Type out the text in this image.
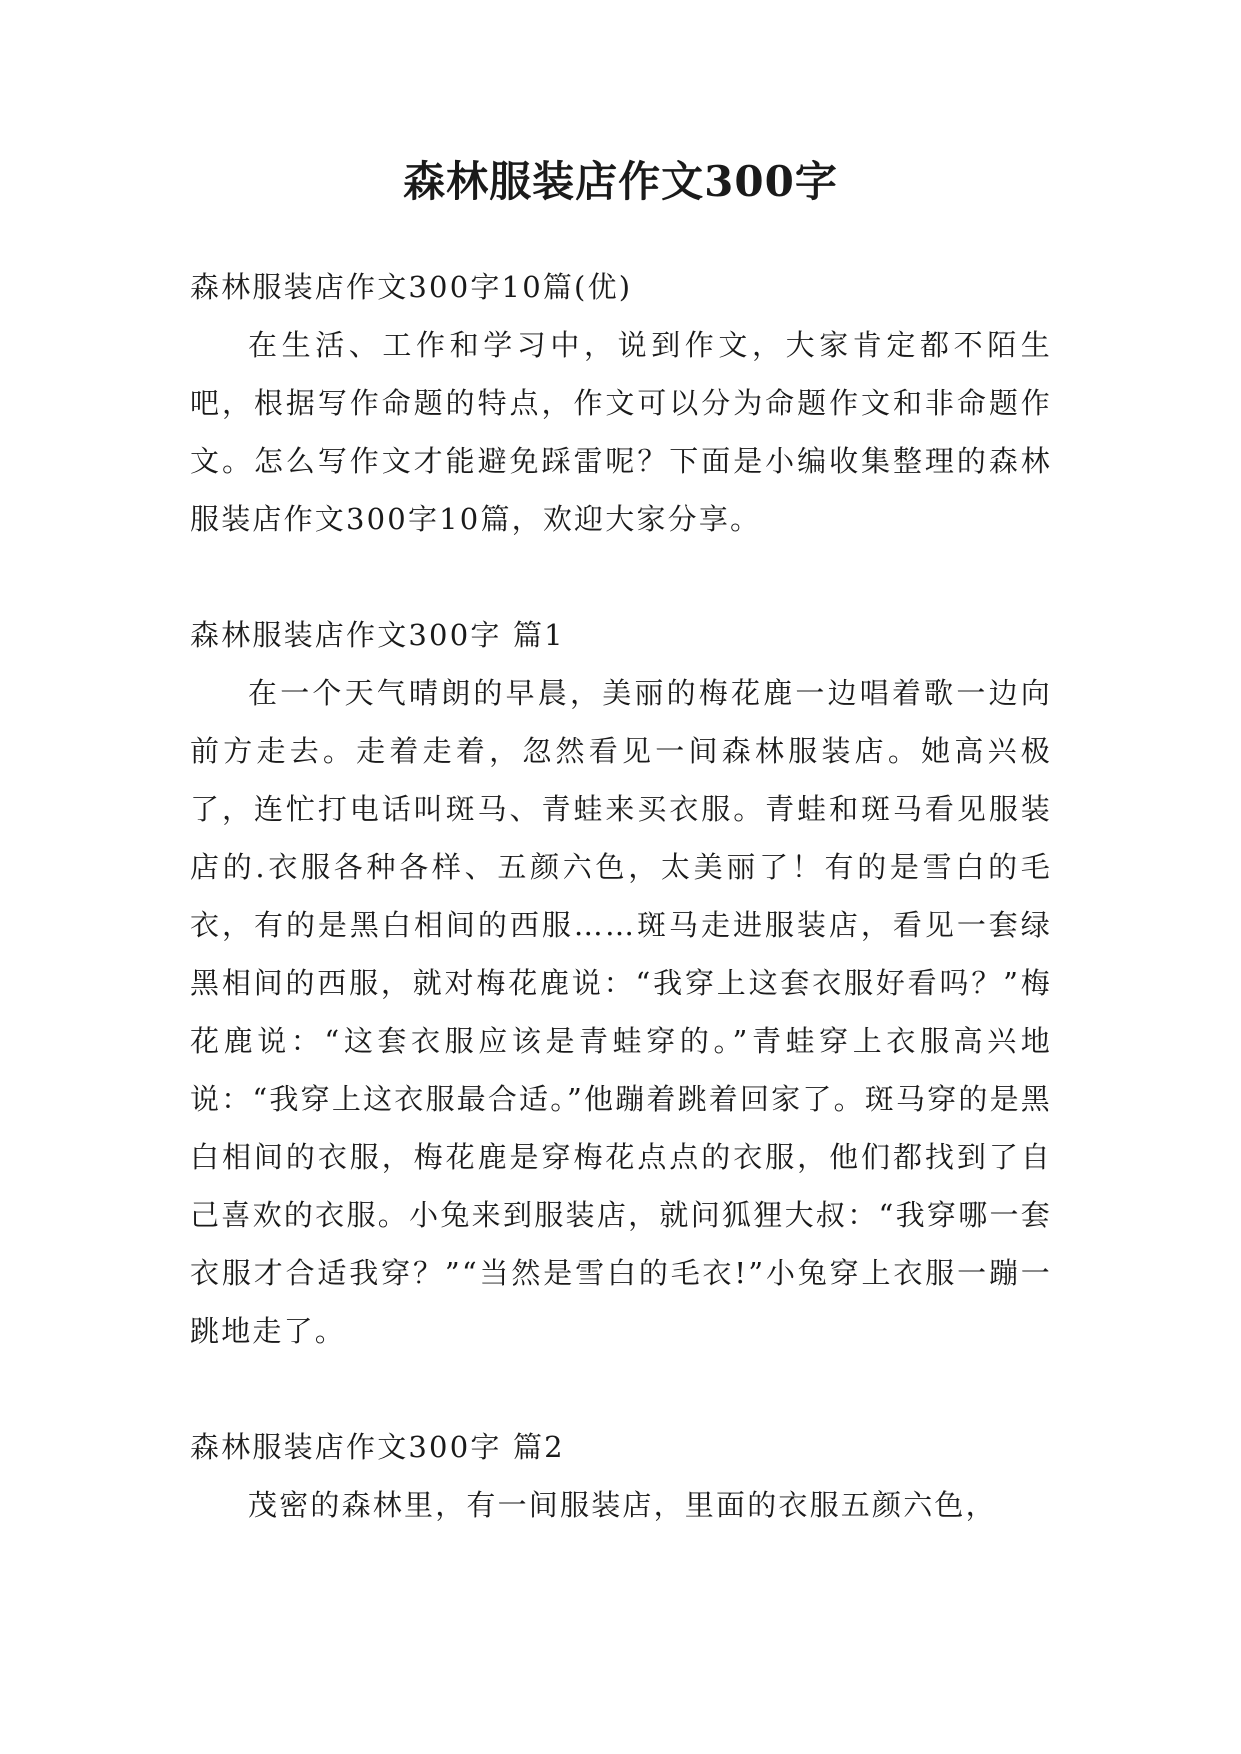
森林服装店作文300字

森林服装店作文300字10篇(优)

在生活、工作和学习中，说到作文，大家肯定都不陌生吧，根据写作命题的特点，作文可以分为命题作文和非命题作文。怎么写作文才能避免踩雷呢？下面是小编收集整理的森林服装店作文300字10篇，欢迎大家分享。

森林服装店作文300字 篇1

在一个天气晴朗的早晨，美丽的梅花鹿一边唱着歌一边向前方走去。走着走着，忽然看见一间森林服装店。她高兴极了，连忙打电话叫斑马、青蛙来买衣服。青蛙和斑马看见服装店的.衣服各种各样、五颜六色，太美丽了！有的是雪白的毛衣，有的是黑白相间的西服……斑马走进服装店，看见一套绿黑相间的西服，就对梅花鹿说：“我穿上这套衣服好看吗？”梅花鹿说：“这套衣服应该是青蛙穿的。”青蛙穿上衣服高兴地说：“我穿上这衣服最合适。”他蹦着跳着回家了。斑马穿的是黑白相间的衣服，梅花鹿是穿梅花点点的衣服，他们都找到了自己喜欢的衣服。小兔来到服装店，就问狐狸大叔：“我穿哪一套衣服才合适我穿？”“当然是雪白的毛衣!”小兔穿上衣服一蹦一跳地走了。

森林服装店作文300字 篇2

茂密的森林里，有一间服装店，里面的衣服五颜六色，
